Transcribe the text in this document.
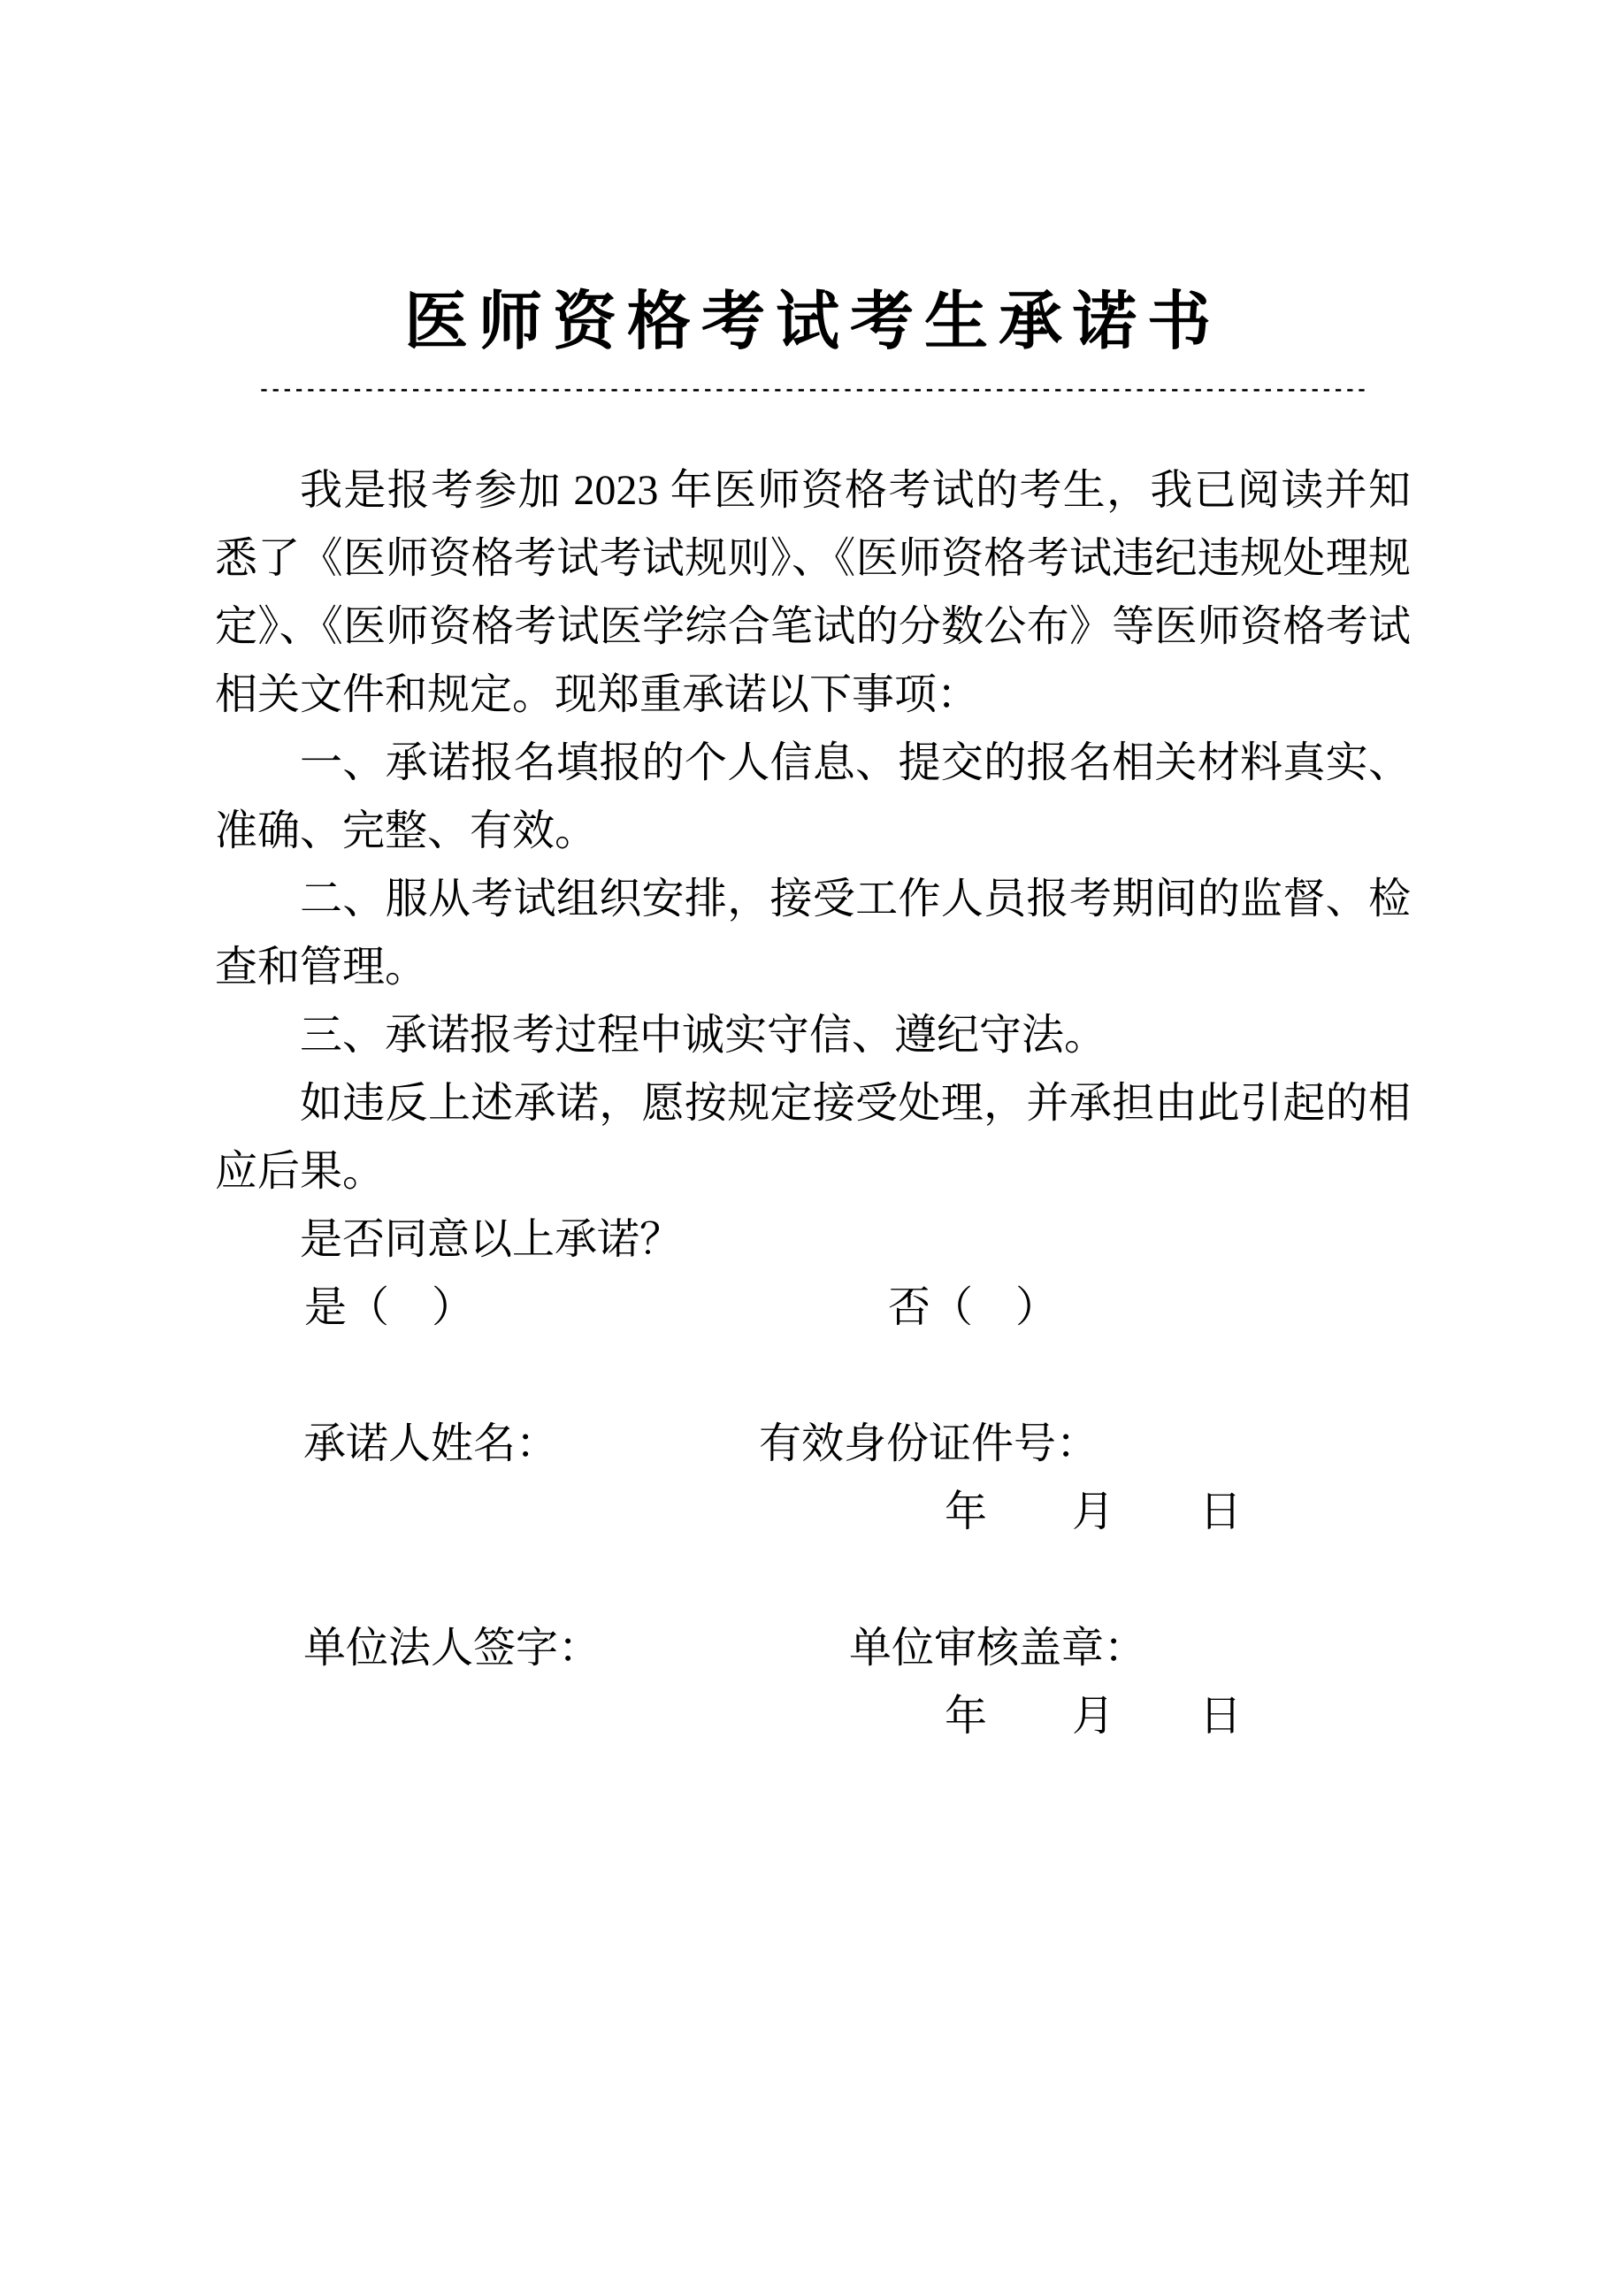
医师资格考试考生承诺书
-----------------------------------------------------------------------------------------------

我是报考参加 2023 年医师资格考试的考生，我已阅读并知悉了《医师资格考试考试规则》、《医师资格考试违纪违规处理规定》、《医师资格考试医学综合笔试的分数公布》等医师资格考试相关文件和规定。现郑重承诺以下事项：

一、承诺报名填报的个人信息、提交的报名相关材料真实、准确、完整、有效。

二、服从考试组织安排，接受工作人员报考期间的监督、检查和管理。

三、承诺报考过程中诚实守信、遵纪守法。

如违反上述承诺，愿按规定接受处理，并承担由此引起的相应后果。

是否同意以上承诺？

是（　）	否（　）
承诺人姓名：	有效身份证件号：
年　　月　　日
单位法人签字：	单位审核盖章：
年　　月　　日
